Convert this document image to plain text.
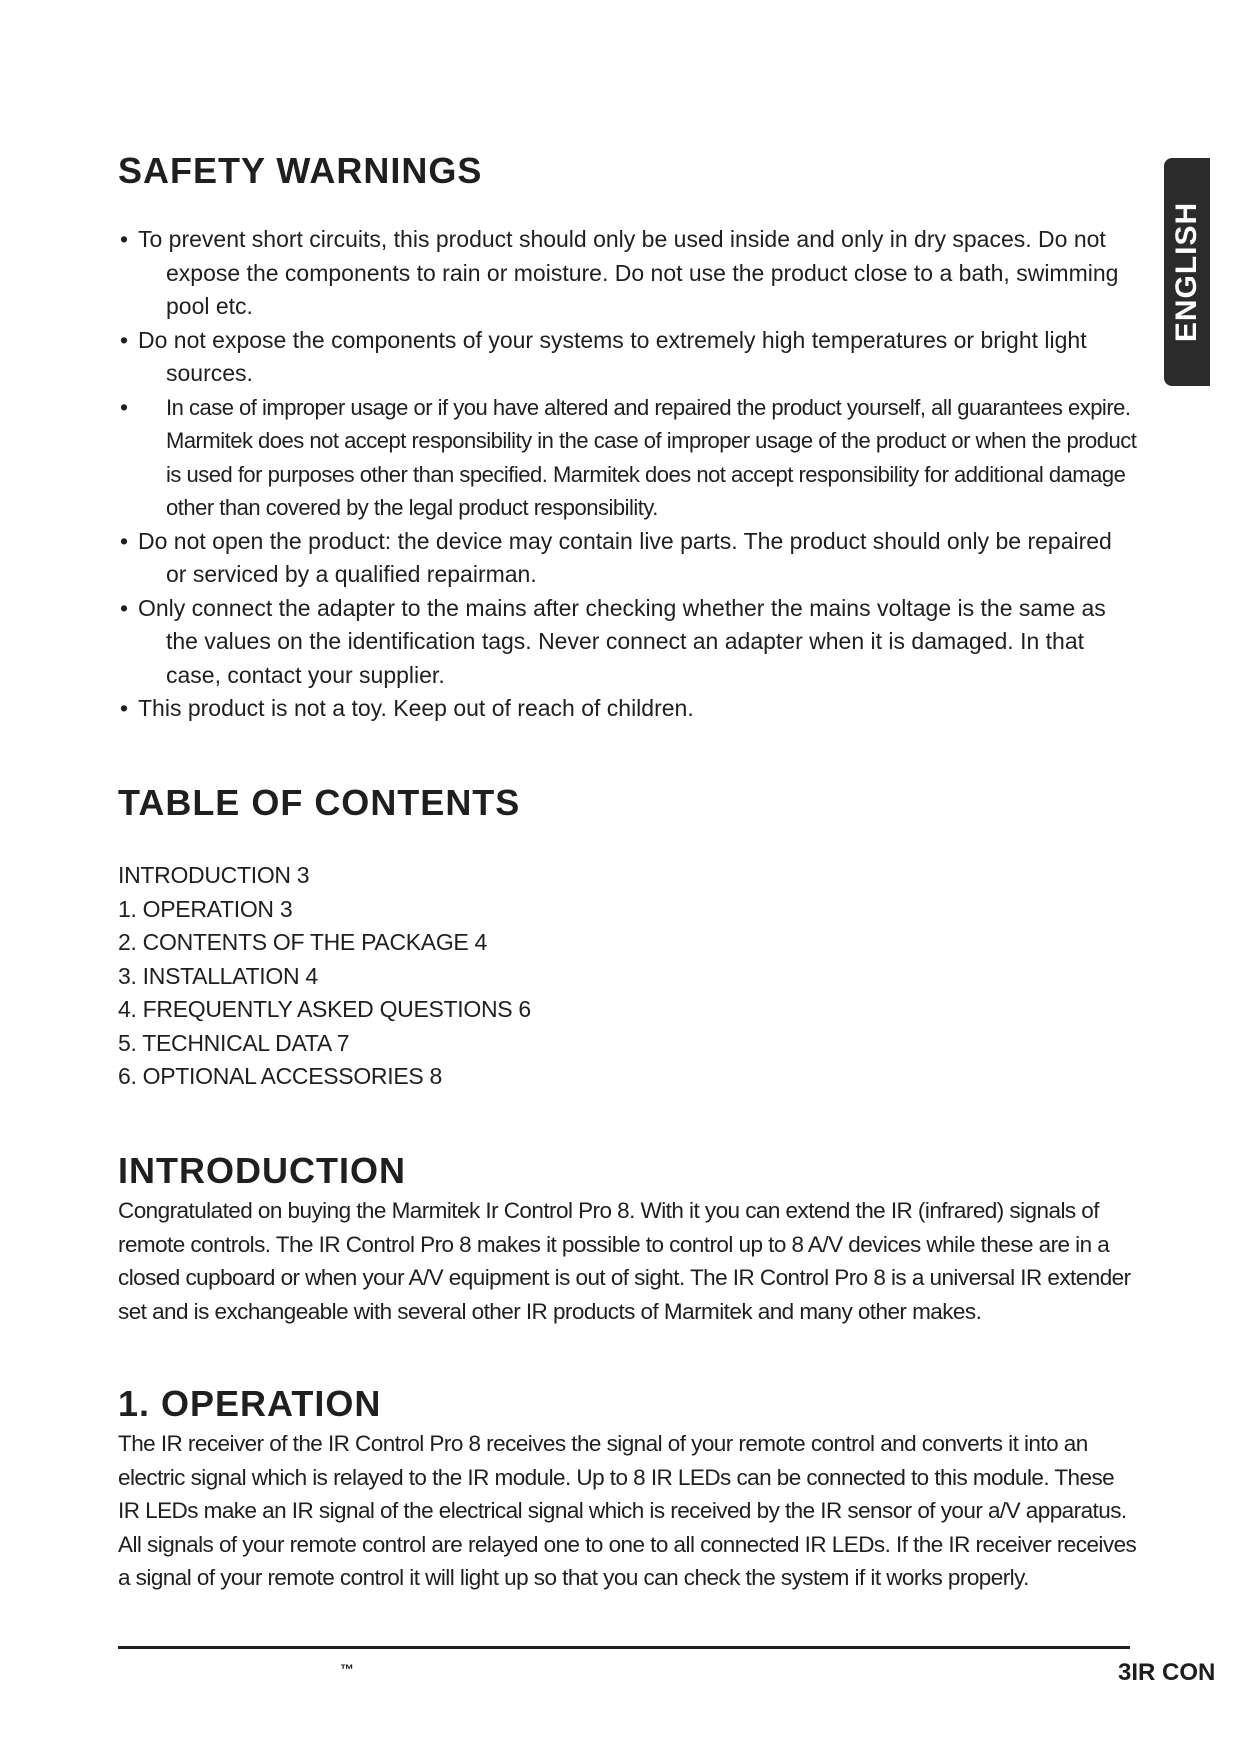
SAFETY WARNINGS
• To prevent short circuits, this product should only be used inside and only in dry spaces. Do not expose the components to rain or moisture. Do not use the product close to a bath, swimming pool etc.
• Do not expose the components of your systems to extremely high temperatures or bright light sources.
• In case of improper usage or if you have altered and repaired the product yourself, all guarantees expire. Marmitek does not accept responsibility in the case of improper usage of the product or when the product is used for purposes other than specified. Marmitek does not accept responsibility for additional damage other than covered by the legal product responsibility.
• Do not open the product: the device may contain live parts. The product should only be repaired or serviced by a qualified repairman.
• Only connect the adapter to the mains after checking whether the mains voltage is the same as the values on the identification tags. Never connect an adapter when it is damaged. In that case, contact your supplier.
• This product is not a toy. Keep out of reach of children.
TABLE OF CONTENTS
INTRODUCTION 3
1. OPERATION 3
2. CONTENTS OF THE PACKAGE 4
3. INSTALLATION 4
4. FREQUENTLY ASKED QUESTIONS 6
5. TECHNICAL DATA 7
6. OPTIONAL ACCESSORIES 8
INTRODUCTION

Congratulated on buying the Marmitek Ir Control Pro 8. With it you can extend the IR (infrared) signals of remote controls. The IR Control Pro 8 makes it possible to control up to 8 A/V devices while these are in a closed cupboard or when your A/V equipment is out of sight. The IR Control Pro 8 is a universal IR extender set and is exchangeable with several other IR products of Marmitek and many other makes.

1. OPERATION

The IR receiver of the IR Control Pro 8 receives the signal of your remote control and converts it into an electric signal which is relayed to the IR module. Up to 8 IR LEDs can be connected to this module. These IR LEDs make an IR signal of the electrical signal which is received by the IR sensor of your a/V apparatus. All signals of your remote control are relayed one to one to all connected IR LEDs. If the IR receiver receives a signal of your remote control it will light up so that you can check the system if it works properly.

ENGLISH
™	3IR CON
